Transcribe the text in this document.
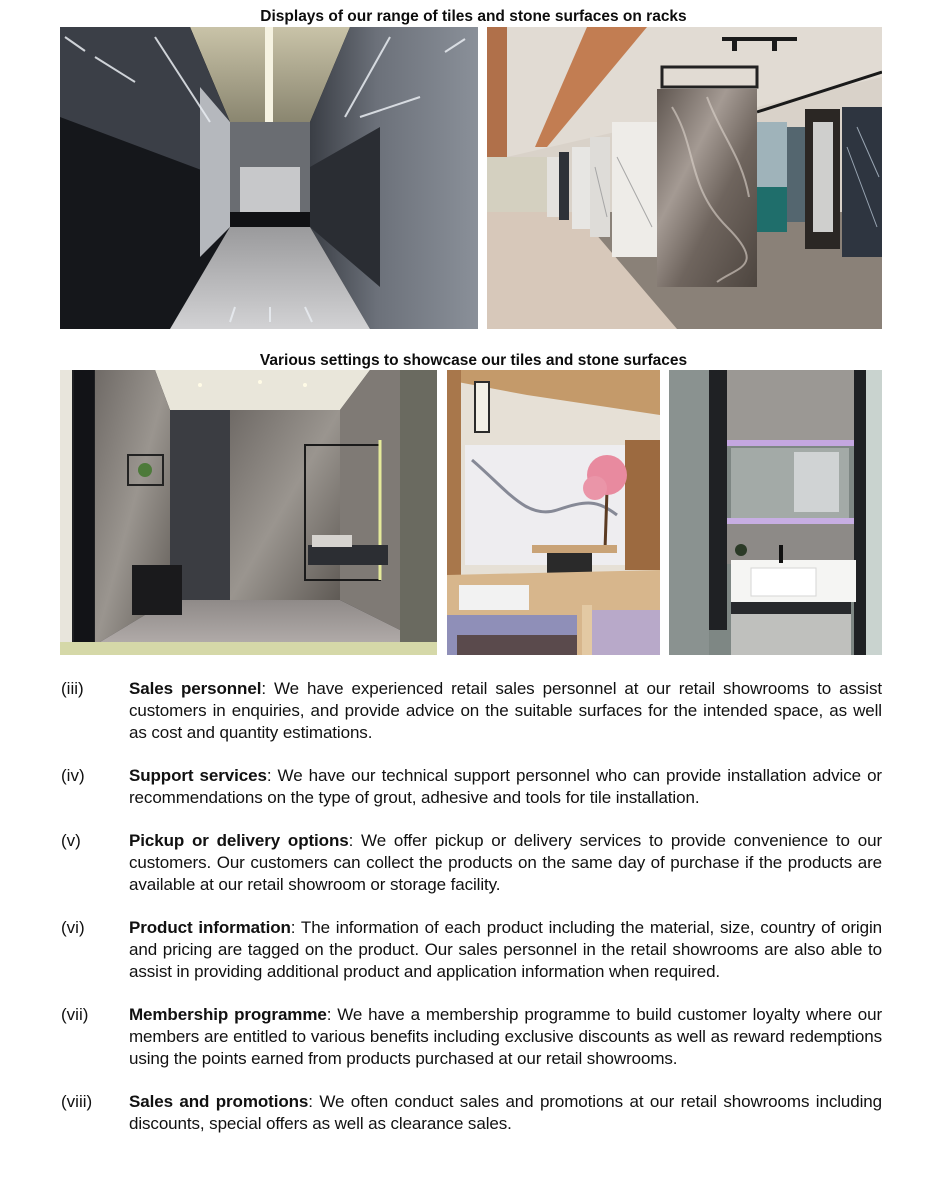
Displays of our range of tiles and stone surfaces on racks
Various settings to showcase our tiles and stone surfaces
(iii)	Sales personnel: We have experienced retail sales personnel at our retail showrooms to assist customers in enquiries, and provide advice on the suitable surfaces for the intended space, as well as cost and quantity estimations.
(iv)	Support services: We have our technical support personnel who can provide installation advice or recommendations on the type of grout, adhesive and tools for tile installation.
(v)	Pickup or delivery options: We offer pickup or delivery services to provide convenience to our customers. Our customers can collect the products on the same day of purchase if the products are available at our retail showroom or storage facility.
(vi)	Product information: The information of each product including the material, size, country of origin and pricing are tagged on the product. Our sales personnel in the retail showrooms are also able to assist in providing additional product and application information when required.
(vii) Membership programme: We have a membership programme to build customer loyalty where our members are entitled to various benefits including exclusive discounts as well as reward redemptions using the points earned from products purchased at our retail showrooms.
(viii) Sales and promotions: We often conduct sales and promotions at our retail showrooms including discounts, special offers as well as clearance sales.
